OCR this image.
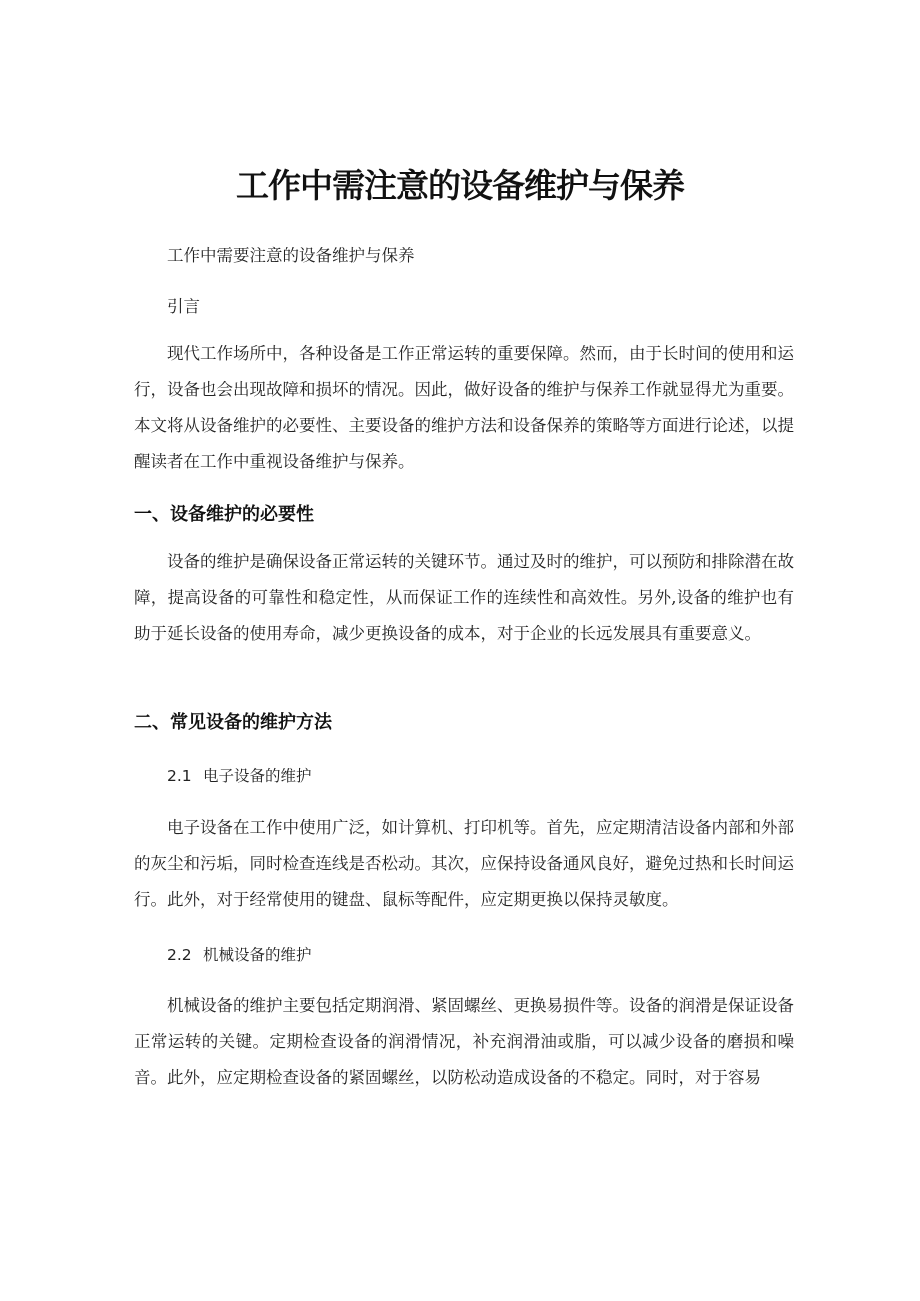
工作中需注意的设备维护与保养

工作中需要注意的设备维护与保养

引言

现代工作场所中，各种设备是工作正常运转的重要保障。然而，由于长时间的使用和运行，设备也会出现故障和损坏的情况。因此，做好设备的维护与保养工作就显得尤为重要。本文将从设备维护的必要性、主要设备的维护方法和设备保养的策略等方面进行论述，以提醒读者在工作中重视设备维护与保养。

一、设备维护的必要性

设备的维护是确保设备正常运转的关键环节。通过及时的维护，可以预防和排除潜在故障，提高设备的可靠性和稳定性，从而保证工作的连续性和高效性。另外,设备的维护也有助于延长设备的使用寿命，减少更换设备的成本，对于企业的长远发展具有重要意义。

二、常见设备的维护方法
2.1 电子设备的维护

电子设备在工作中使用广泛，如计算机、打印机等。首先，应定期清洁设备内部和外部的灰尘和污垢，同时检查连线是否松动。其次，应保持设备通风良好，避免过热和长时间运行。此外，对于经常使用的键盘、鼠标等配件，应定期更换以保持灵敏度。

2.2 机械设备的维护

机械设备的维护主要包括定期润滑、紧固螺丝、更换易损件等。设备的润滑是保证设备正常运转的关键。定期检查设备的润滑情况，补充润滑油或脂，可以减少设备的磨损和噪音。此外，应定期检查设备的紧固螺丝，以防松动造成设备的不稳定。同时，对于容易
